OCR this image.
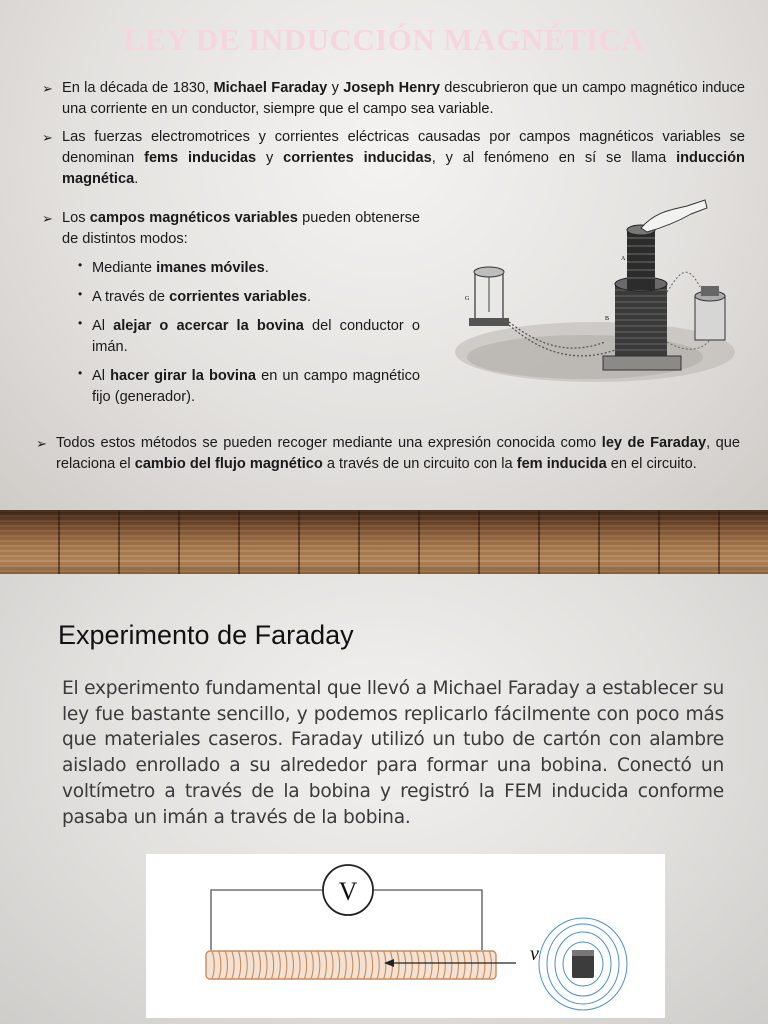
LEY DE INDUCCIÓN MAGNÉTICA
➢ En la década de 1830, Michael Faraday y Joseph Henry descubrieron que un campo magnético induce una corriente en un conductor, siempre que el campo sea variable.
➢ Las fuerzas electromotrices y corrientes eléctricas causadas por campos magnéticos variables se denominan fems inducidas y corrientes inducidas, y al fenómeno en sí se llama inducción magnética.
➢ Los campos magnéticos variables pueden obtenerse de distintos modos:
• Mediante imanes móviles.
• A través de corrientes variables.
• Al alejar o acercar la bovina del conductor o imán.
• Al hacer girar la bovina en un campo magnético fijo (generador).
G
B
A
➢ Todos estos métodos se pueden recoger mediante una expresión conocida como ley de Faraday, que relaciona el cambio del flujo magnético a través de un circuito con la fem inducida en el circuito.
Experimento de Faraday
El experimento fundamental que llevó a Michael Faraday a establecer su ley fue bastante sencillo, y podemos replicarlo fácilmente con poco más que materiales caseros. Faraday utilizó un tubo de cartón con alambre aislado enrollado a su alrededor para formar una bobina. Conectó un voltímetro a través de la bobina y registró la FEM inducida conforme pasaba un imán a través de la bobina.
V
v
